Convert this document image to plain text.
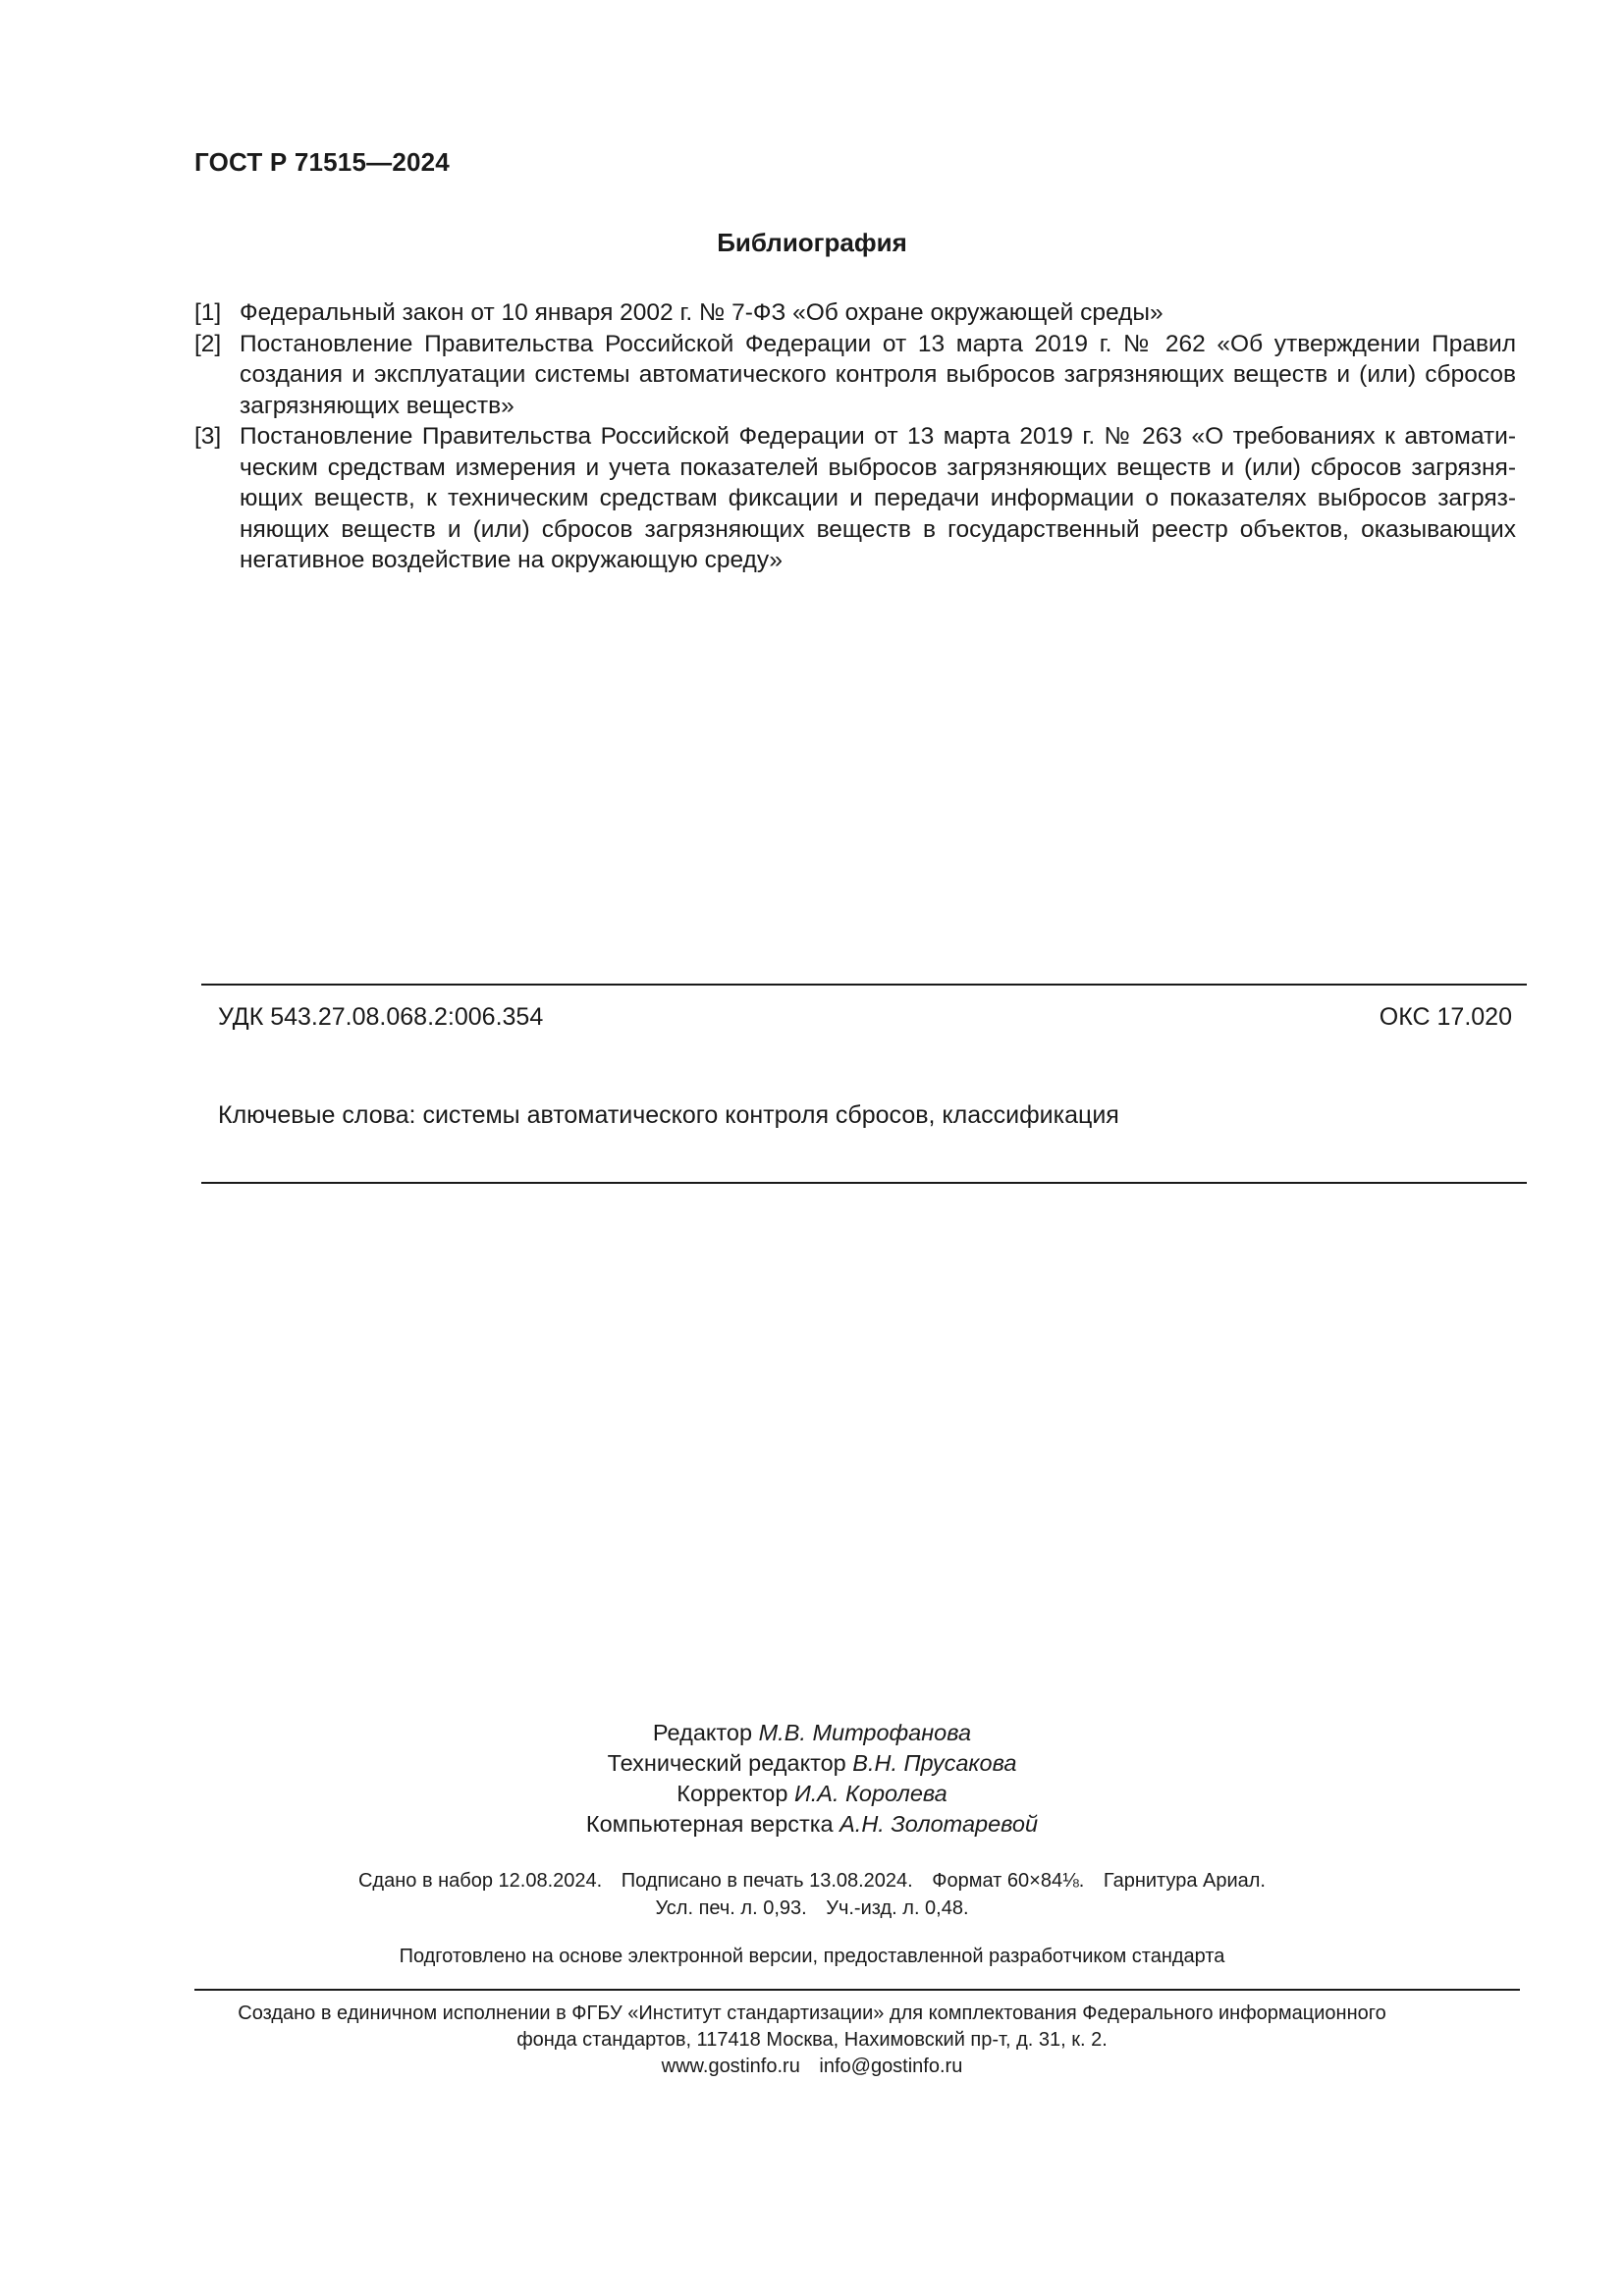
ГОСТ Р 71515—2024
Библиография
[1] Федеральный закон от 10 января 2002 г. № 7-ФЗ «Об охране окружающей среды»
[2] Постановление Правительства Российской Федерации от 13 марта 2019 г. № 262 «Об утверждении Правил
создания и эксплуатации системы автоматического контроля выбросов загрязняющих веществ и (или) сбросов
загрязняющих веществ»
[3] Постановление Правительства Российской Федерации от 13 марта 2019 г. № 263 «О требованиях к автомати-
ческим средствам измерения и учета показателей выбросов загрязняющих веществ и (или) сбросов загрязня-
ющих веществ, к техническим средствам фиксации и передачи информации о показателях выбросов загряз-
няющих веществ и (или) сбросов загрязняющих веществ в государственный реестр объектов, оказывающих
негативное воздействие на окружающую среду»
УДК 543.27.08.068.2:006.354	ОКС 17.020
Ключевые слова: системы автоматического контроля сбросов, классификация
Редактор М.В. Митрофанова
Технический редактор В.Н. Прусакова
Корректор И.А. Королева
Компьютерная верстка А.Н. Золотаревой
Сдано в набор 12.08.2024. Подписано в печать 13.08.2024. Формат 60×84⅛. Гарнитура Ариал.
Усл. печ. л. 0,93. Уч.-изд. л. 0,48.
Подготовлено на основе электронной версии, предоставленной разработчиком стандарта
Создано в единичном исполнении в ФГБУ «Институт стандартизации» для комплектования Федерального информационного
фонда стандартов, 117418 Москва, Нахимовский пр-т, д. 31, к. 2.
www.gostinfo.ru info@gostinfo.ru
